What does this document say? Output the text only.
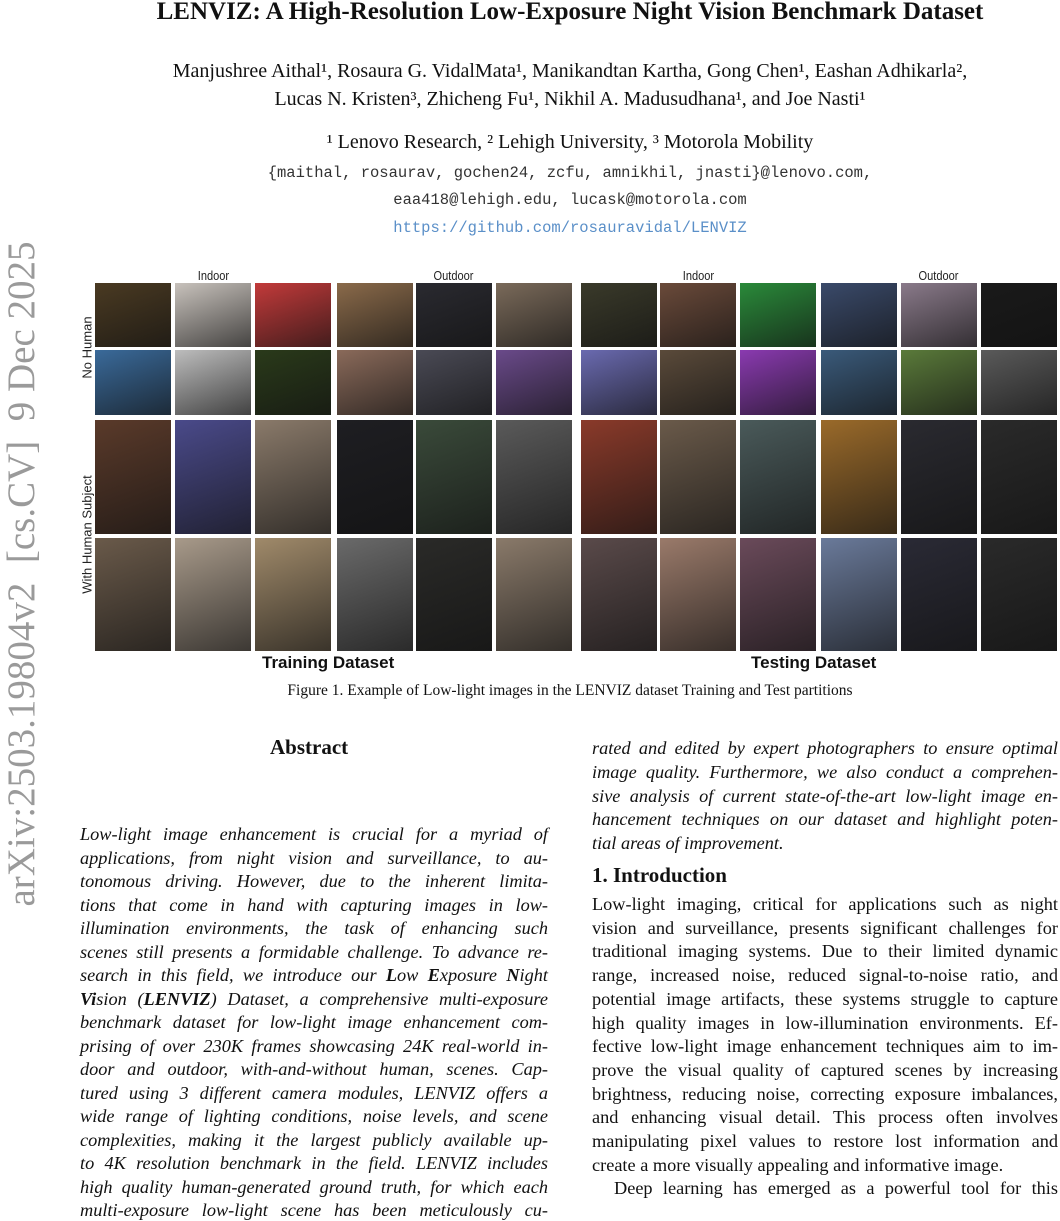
arXiv:2503.19804v2  [cs.CV]  9 Dec 2025
LENVIZ: A High-Resolution Low-Exposure Night Vision Benchmark Dataset
Manjushree Aithal¹, Rosaura G. VidalMata¹, Manikandtan Kartha, Gong Chen¹, Eashan Adhikarla²,
Lucas N. Kristen³, Zhicheng Fu¹, Nikhil A. Madusudhana¹, and Joe Nasti¹
¹ Lenovo Research, ² Lehigh University, ³ Motorola Mobility
{maithal, rosaurav, gochen24, zcfu, amnikhil, jnasti}@lenovo.com,
eaa418@lehigh.edu, lucask@motorola.com
https://github.com/rosauravidal/LENVIZ
Indoor	Outdoor	Indoor	Outdoor
No Human
With Human Subject
Training Dataset	Testing Dataset
Figure 1. Example of Low-light images in the LENVIZ dataset Training and Test partitions
Abstract
Low-light image enhancement is crucial for a myriad of
applications, from night vision and surveillance, to au-
tonomous driving. However, due to the inherent limita-
tions that come in hand with capturing images in low-
illumination environments, the task of enhancing such
scenes still presents a formidable challenge. To advance re-
search in this field, we introduce our Low Exposure Night
Vision (LENVIZ) Dataset, a comprehensive multi-exposure
benchmark dataset for low-light image enhancement com-
prising of over 230K frames showcasing 24K real-world in-
door and outdoor, with-and-without human, scenes. Cap-
tured using 3 different camera modules, LENVIZ offers a
wide range of lighting conditions, noise levels, and scene
complexities, making it the largest publicly available up-
to 4K resolution benchmark in the field. LENVIZ includes
high quality human-generated ground truth, for which each
multi-exposure low-light scene has been meticulously cu-
rated and edited by expert photographers to ensure optimal
image quality. Furthermore, we also conduct a comprehen-
sive analysis of current state-of-the-art low-light image en-
hancement techniques on our dataset and highlight poten-
tial areas of improvement.
1. Introduction
Low-light imaging, critical for applications such as night
vision and surveillance, presents significant challenges for
traditional imaging systems. Due to their limited dynamic
range, increased noise, reduced signal-to-noise ratio, and
potential image artifacts, these systems struggle to capture
high quality images in low-illumination environments. Ef-
fective low-light image enhancement techniques aim to im-
prove the visual quality of captured scenes by increasing
brightness, reducing noise, correcting exposure imbalances,
and enhancing visual detail. This process often involves
manipulating pixel values to restore lost information and
create a more visually appealing and informative image.
Deep learning has emerged as a powerful tool for this
